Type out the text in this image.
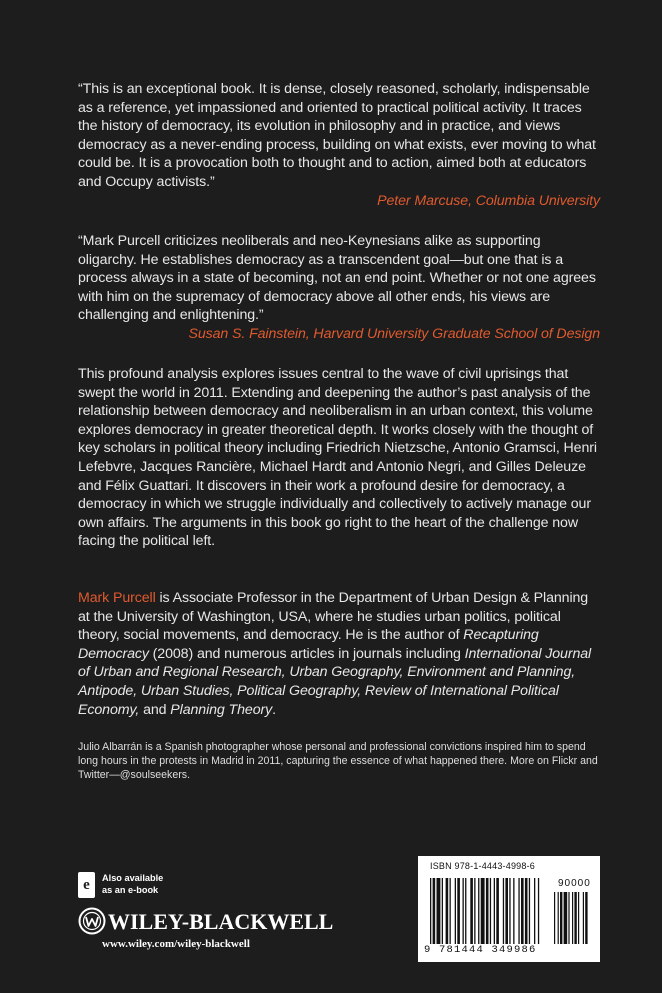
“This is an exceptional book. It is dense, closely reasoned, scholarly, indispensable as a reference, yet impassioned and oriented to practical political activity. It traces the history of democracy, its evolution in philosophy and in practice, and views democracy as a never-ending process, building on what exists, ever moving to what could be. It is a provocation both to thought and to action, aimed both at educators and Occupy activists.”
Peter Marcuse, Columbia University
“Mark Purcell criticizes neoliberals and neo-Keynesians alike as supporting oligarchy. He establishes democracy as a transcendent goal—but one that is a process always in a state of becoming, not an end point. Whether or not one agrees with him on the supremacy of democracy above all other ends, his views are challenging and enlightening.”
Susan S. Fainstein, Harvard University Graduate School of Design
This profound analysis explores issues central to the wave of civil uprisings that swept the world in 2011. Extending and deepening the author’s past analysis of the relationship between democracy and neoliberalism in an urban context, this volume explores democracy in greater theoretical depth. It works closely with the thought of key scholars in political theory including Friedrich Nietzsche, Antonio Gramsci, Henri Lefebvre, Jacques Rancière, Michael Hardt and Antonio Negri, and Gilles Deleuze and Félix Guattari. It discovers in their work a profound desire for democracy, a democracy in which we struggle individually and collectively to actively manage our own affairs. The arguments in this book go right to the heart of the challenge now facing the political left.
Mark Purcell is Associate Professor in the Department of Urban Design & Planning at the University of Washington, USA, where he studies urban politics, political theory, social movements, and democracy. He is the author of Recapturing Democracy (2008) and numerous articles in journals including International Journal of Urban and Regional Research, Urban Geography, Environment and Planning, Antipode, Urban Studies, Political Geography, Review of International Political Economy, and Planning Theory.
Julio Albarrán is a Spanish photographer whose personal and professional convictions inspired him to spend long hours in the protests in Madrid in 2011, capturing the essence of what happened there. More on Flickr and Twitter—@soulseekers.
e	Also available
as an e-book
WILEY-BLACKWELL
www.wiley.com/wiley-blackwell
ISBN 978-1-4443-4998-6
90000
9 781444 349986
